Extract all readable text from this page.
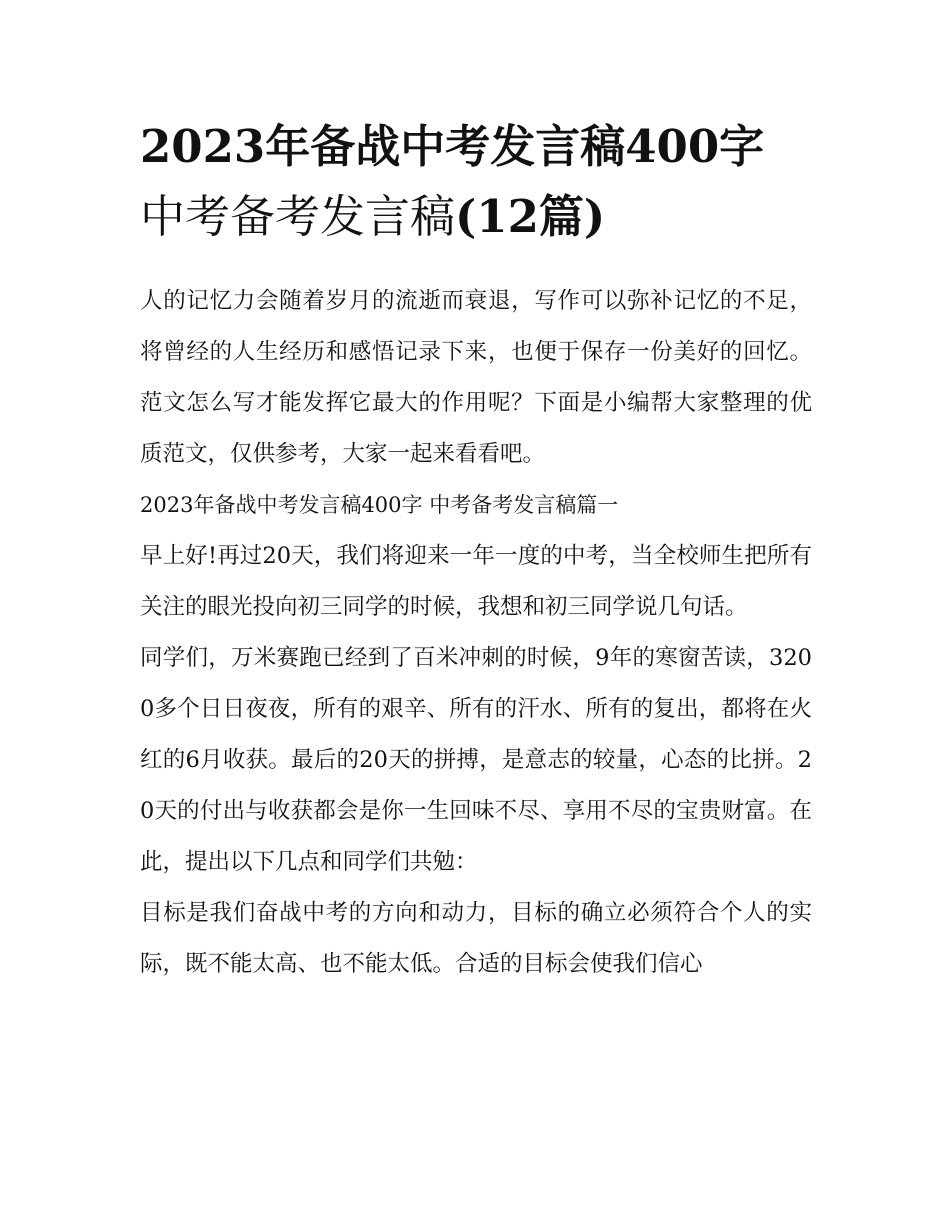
2023年备战中考发言稿400字
中考备考发言稿(12篇)

人的记忆力会随着岁月的流逝而衰退，写作可以弥补记忆的不足，将曾经的人生经历和感悟记录下来，也便于保存一份美好的回忆。范文怎么写才能发挥它最大的作用呢？下面是小编帮大家整理的优质范文，仅供参考，大家一起来看看吧。

2023年备战中考发言稿400字 中考备考发言稿篇一

早上好!再过20天，我们将迎来一年一度的中考，当全校师生把所有关注的眼光投向初三同学的时候，我想和初三同学说几句话。

同学们，万米赛跑已经到了百米冲刺的时候，9年的寒窗苦读，3200多个日日夜夜，所有的艰辛、所有的汗水、所有的复出，都将在火红的6月收获。最后的20天的拼搏，是意志的较量，心态的比拼。20天的付出与收获都会是你一生回味不尽、享用不尽的宝贵财富。在此，提出以下几点和同学们共勉：

目标是我们奋战中考的方向和动力，目标的确立必须符合个人的实际，既不能太高、也不能太低。合适的目标会使我们信心
